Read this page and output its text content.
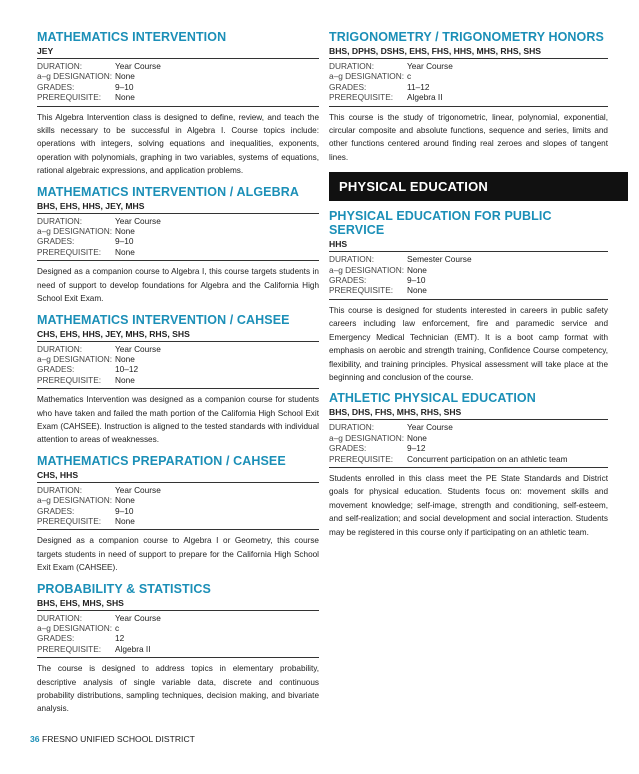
MATHEMATICS INTERVENTION
JEY
DURATION:	Year Course
a–g DESIGNATION: None
GRADES:	9–10
PREREQUISITE:	None
This Algebra Intervention class is designed to define, review, and teach the skills necessary to be successful in Algebra I. Course topics include: operations with integers, solving equations and inequalities, exponents, operation with polynomials, graphing in two variables, systems of equations, rational algebraic expressions, and application problems.
MATHEMATICS INTERVENTION / ALGEBRA
BHS, EHS, HHS, JEY, MHS
DURATION:	Year Course
a–g DESIGNATION: None
GRADES:	9–10
PREREQUISITE:	None
Designed as a companion course to Algebra I, this course targets students in need of support to develop foundations for Algebra and the California High School Exit Exam.
MATHEMATICS INTERVENTION / CAHSEE
CHS, EHS, HHS, JEY, MHS, RHS, SHS
DURATION:	Year Course
a–g DESIGNATION: None
GRADES:	10–12
PREREQUISITE:	None
Mathematics Intervention was designed as a companion course for students who have taken and failed the math portion of the California High School Exit Exam (CAHSEE). Instruction is aligned to the tested standards with individual attention to areas of weaknesses.
MATHEMATICS PREPARATION / CAHSEE
CHS, HHS
DURATION:	Year Course
a–g DESIGNATION: None
GRADES:	9–10
PREREQUISITE:	None
Designed as a companion course to Algebra I or Geometry, this course targets students in need of support to prepare for the California High School Exit Exam (CAHSEE).
PROBABILITY & STATISTICS
BHS, EHS, MHS, SHS
DURATION:	Year Course
a–g DESIGNATION: c
GRADES:	12
PREREQUISITE:	Algebra II
The course is designed to address topics in elementary probability, descriptive analysis of single variable data, discrete and continuous probability distributions, sampling techniques, decision making, and bivariate analysis.
TRIGONOMETRY / TRIGONOMETRY HONORS
BHS, DPHS, DSHS, EHS, FHS, HHS, MHS, RHS, SHS
DURATION:	Year Course
a–g DESIGNATION: c
GRADES:	11–12
PREREQUISITE:	Algebra II
This course is the study of trigonometric, linear, polynomial, exponential, circular composite and absolute functions, sequence and series, limits and other functions centered around finding real zeroes and slopes of tangent lines.
PHYSICAL EDUCATION
PHYSICAL EDUCATION FOR PUBLIC SERVICE
HHS
DURATION:	Semester Course
a–g DESIGNATION: None
GRADES:	9–10
PREREQUISITE:	None
This course is designed for students interested in careers in public safety careers including law enforcement, fire and paramedic service and Emergency Medical Technician (EMT). It is a boot camp format with emphasis on aerobic and strength training, Confidence Course competency, flexibility, and training principles. Physical assessment will take place at the beginning and conclusion of the course.
ATHLETIC PHYSICAL EDUCATION
BHS, DHS, FHS, MHS, RHS, SHS
DURATION:	Year Course
a–g DESIGNATION: None
GRADES:	9–12
PREREQUISITE:	Concurrent participation on an athletic team
Students enrolled in this class meet the PE State Standards and District goals for physical education. Students focus on: movement skills and movement knowledge; self-image, strength and conditioning, self-esteem, and self-realization; and social development and social interaction. Students may be registered in this course only if participating on an athletic team.
36 FRESNO UNIFIED SCHOOL DISTRICT
